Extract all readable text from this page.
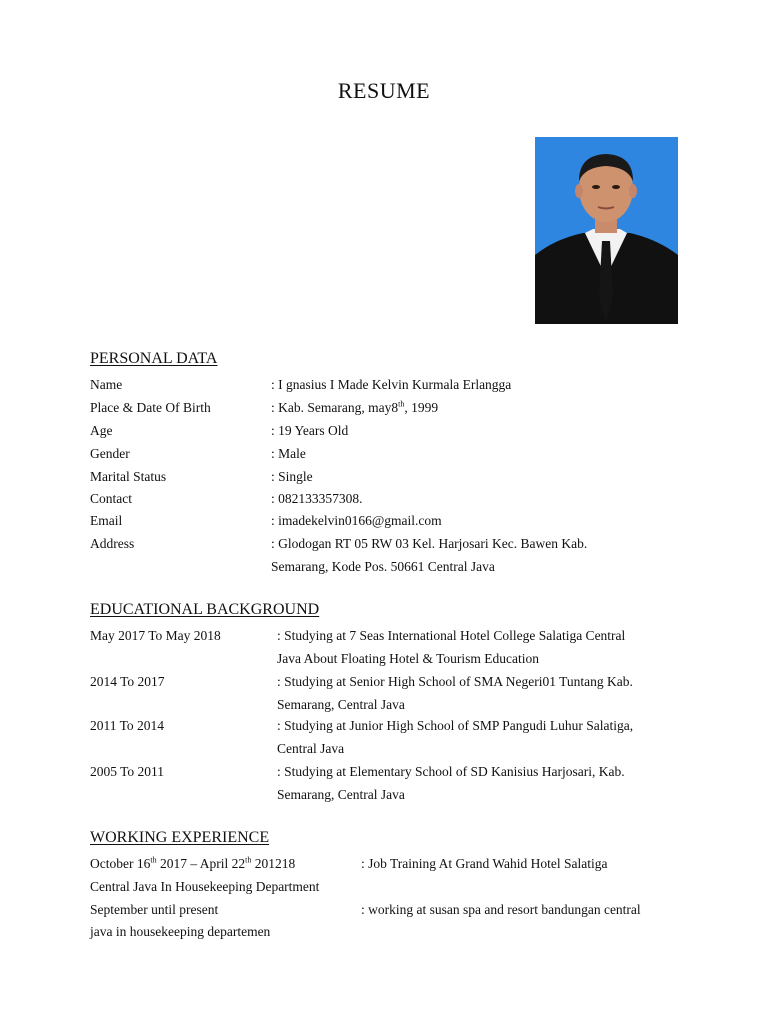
RESUME
PERSONAL DATA
Name	: I gnasius I Made Kelvin Kurmala Erlangga
Place & Date Of Birth	: Kab. Semarang, may8th, 1999
Age	: 19 Years Old
Gender	: Male
Marital Status	: Single
Contact	: 082133357308.
Email	: imadekelvin0166@gmail.com
Address	: Glodogan RT 05 RW 03 Kel. Harjosari Kec. Bawen Kab.
Semarang, Kode Pos. 50661 Central Java
EDUCATIONAL BACKGROUND
May 2017 To May 2018	: Studying at 7 Seas International Hotel College Salatiga Central
Java About Floating Hotel & Tourism Education
2014 To 2017	: Studying at Senior High School of SMA Negeri01 Tuntang Kab.
Semarang, Central Java
2011 To 2014	: Studying at Junior High School of SMP Pangudi Luhur Salatiga,
Central Java
2005 To 2011	: Studying at Elementary School of SD Kanisius Harjosari, Kab.
Semarang, Central Java
WORKING EXPERIENCE
October 16th 2017 – April 22th 201218	: Job Training At Grand Wahid Hotel Salatiga
Central Java In Housekeeping Department
September until present	: working at susan spa and resort bandungan central
java in housekeeping departemen
